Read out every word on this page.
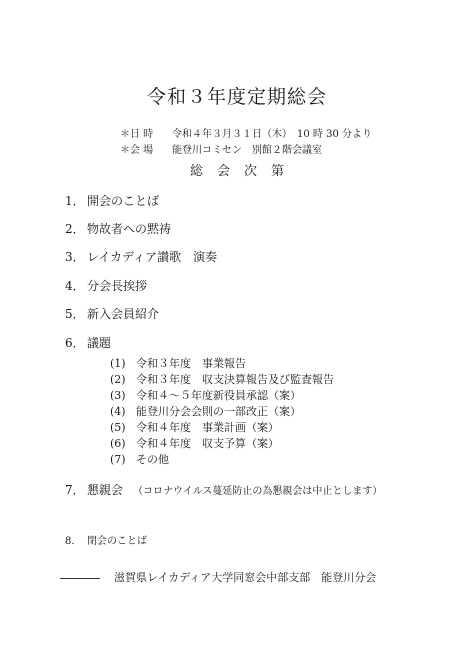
令和３年度定期総会
＊日 時 令和４年３月３１日（木）　10 時 30 分より
＊会 場 能登川コミセン　別館２階会議室
総会次第
1． 開会のことば
2． 物故者への黙祷
3． レイカディア讃歌　演奏
4． 分会長挨拶
5． 新入会員紹介
6． 議題
(1) 令和３年度　事業報告
(2) 令和３年度　収支決算報告及び監査報告
(3) 令和４～５年度新役員承認（案）
(4) 能登川分会会則の一部改正（案）
(5) 令和４年度　事業計画（案）
(6) 令和４年度　収支予算（案）
(7) その他
7． 懇親会 （コロナウイルス蔓延防止の為懇親会は中止とします）
8． 閉会のことば
滋賀県レイカディア大学同窓会中部支部　能登川分会
